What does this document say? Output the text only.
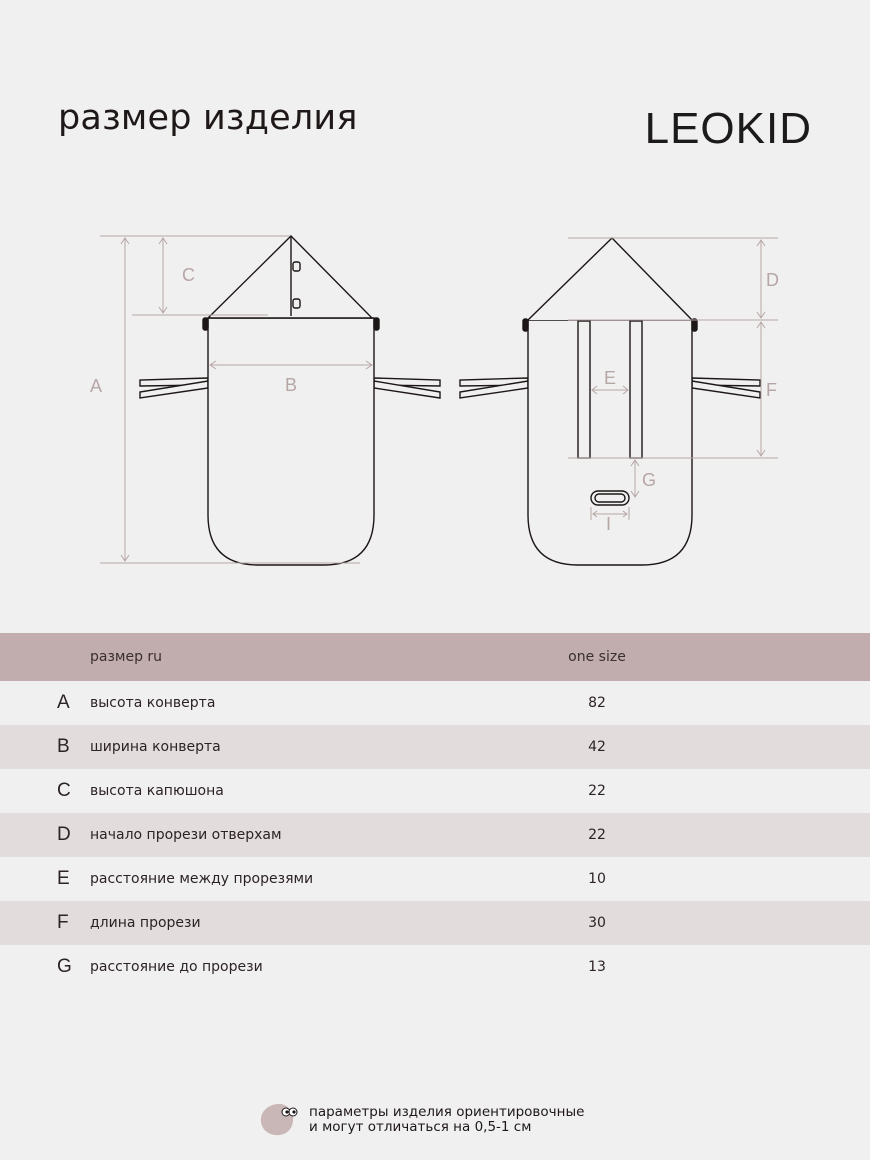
размер изделия	LEOKID
A
C
B
D
F
E
G
I
размер ru	one size
A высота конверта	82
B ширина конверта	42
C высота капюшона	22
D начало прорези отверхам	22
E расстояние между прорезями	10
F длина прорези	30
G расстояние до прорези	13
параметры изделия ориентировочные
и могут отличаться на 0,5-1 см
